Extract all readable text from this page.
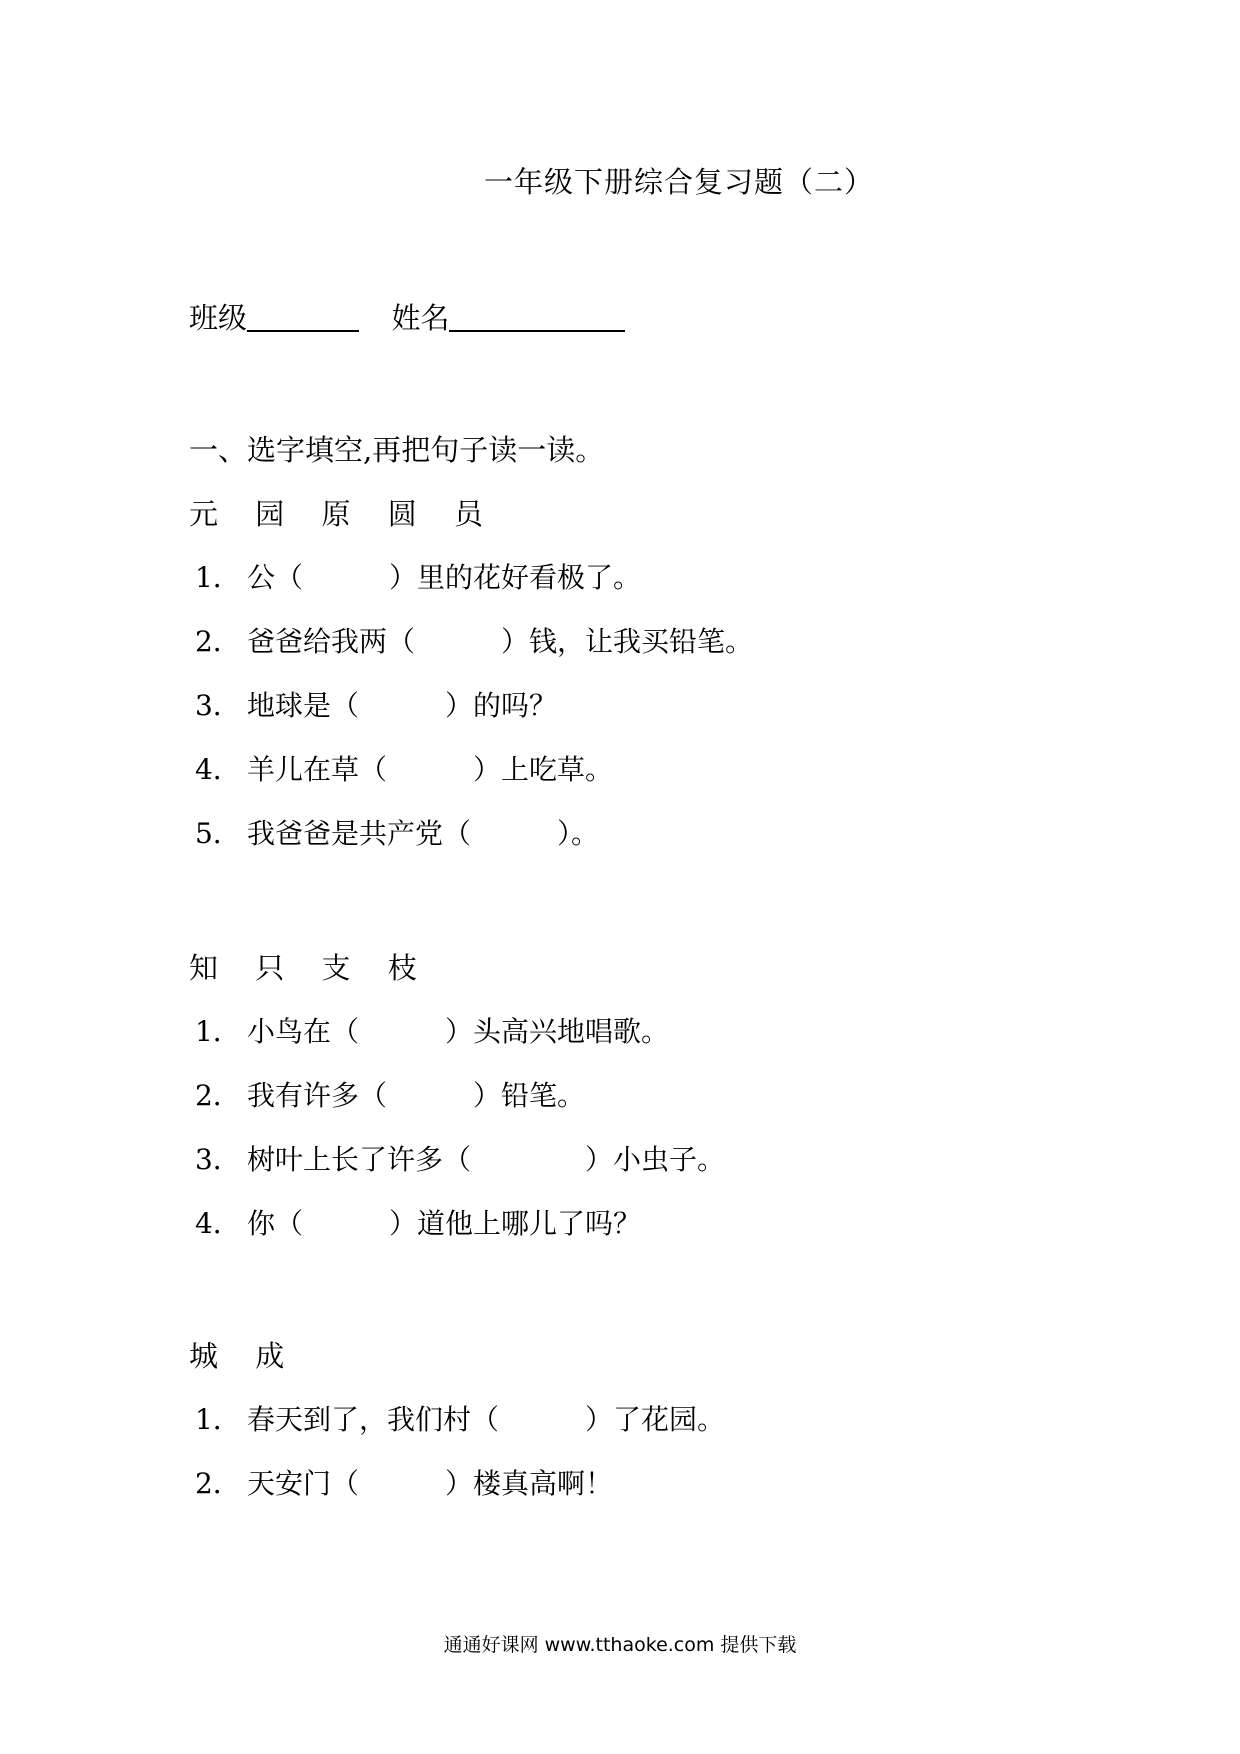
一年级下册综合复习题（二）
班级	姓名
一、选字填空,再把句子读一读。
元 园 原 圆 员
1． 公（	）里的花好看极了。
2． 爸爸给我两（	）钱，让我买铅笔。
3． 地球是（	）的吗？
4． 羊儿在草（	）上吃草。
5． 我爸爸是共产党（	）。
知 只 支 枝
1． 小鸟在（	）头高兴地唱歌。
2． 我有许多（	）铅笔。
3． 树叶上长了许多（	）小虫子。
4． 你（	）道他上哪儿了吗？
城 成
1． 春天到了，我们村（	）了花园。
2． 天安门（	）楼真高啊！
通通好课网 www.tthaoke.com 提供下载
